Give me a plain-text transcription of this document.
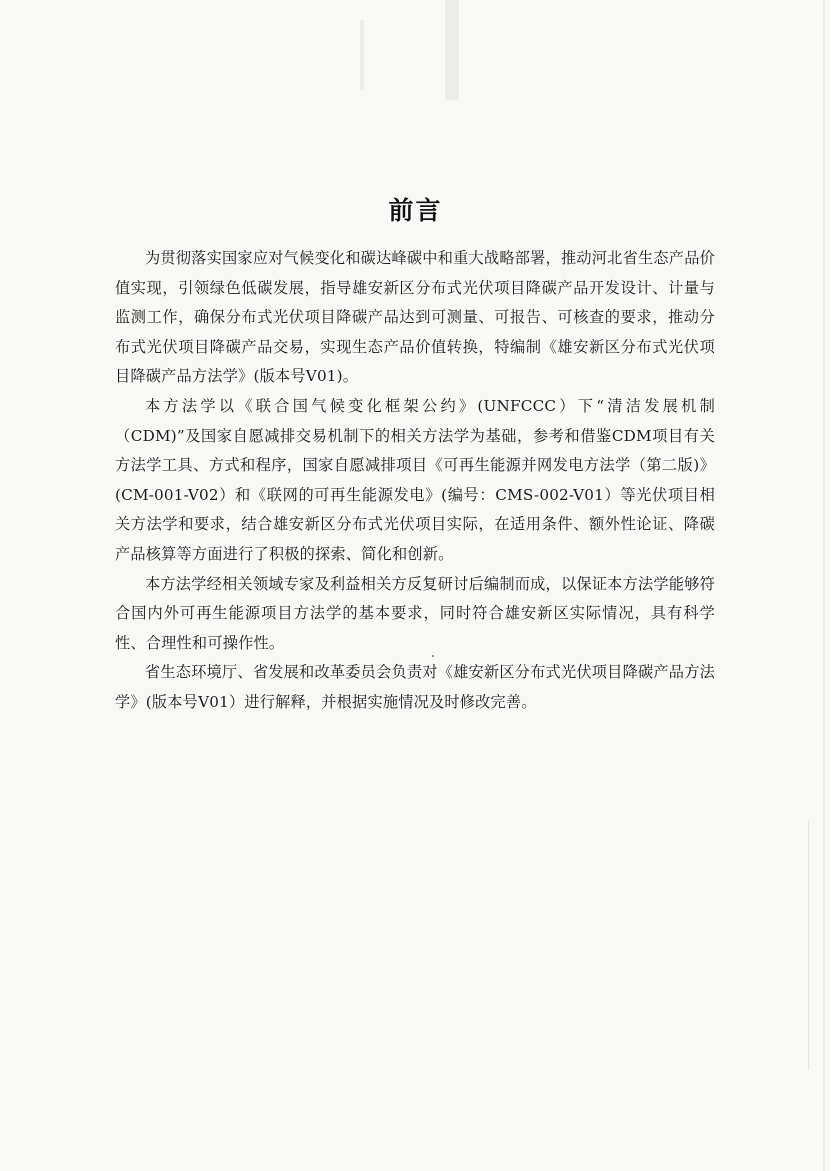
前言

为贯彻落实国家应对气候变化和碳达峰碳中和重大战略部署，推动河北省生态产品价值实现，引领绿色低碳发展，指导雄安新区分布式光伏项目降碳产品开发设计、计量与监测工作，确保分布式光伏项目降碳产品达到可测量、可报告、可核查的要求，推动分布式光伏项目降碳产品交易，实现生态产品价值转换，特编制《雄安新区分布式光伏项目降碳产品方法学》(版本号V01)。

本方法学以《联合国气候变化框架公约》(UNFCCC）下“清洁发展机制（CDM)”及国家自愿减排交易机制下的相关方法学为基础，参考和借鉴CDM项目有关方法学工具、方式和程序，国家自愿减排项目《可再生能源并网发电方法学（第二版)》(CM-001-V02）和《联网的可再生能源发电》(编号：CMS-002-V01）等光伏项目相关方法学和要求，结合雄安新区分布式光伏项目实际，在适用条件、额外性论证、降碳产品核算等方面进行了积极的探索、简化和创新。

本方法学经相关领域专家及利益相关方反复研讨后编制而成，以保证本方法学能够符合国内外可再生能源项目方法学的基本要求，同时符合雄安新区实际情况，具有科学性、合理性和可操作性。

省生态环境厅、省发展和改革委员会负责对《雄安新区分布式光伏项目降碳产品方法学》(版本号V01）进行解释，并根据实施情况及时修改完善。
